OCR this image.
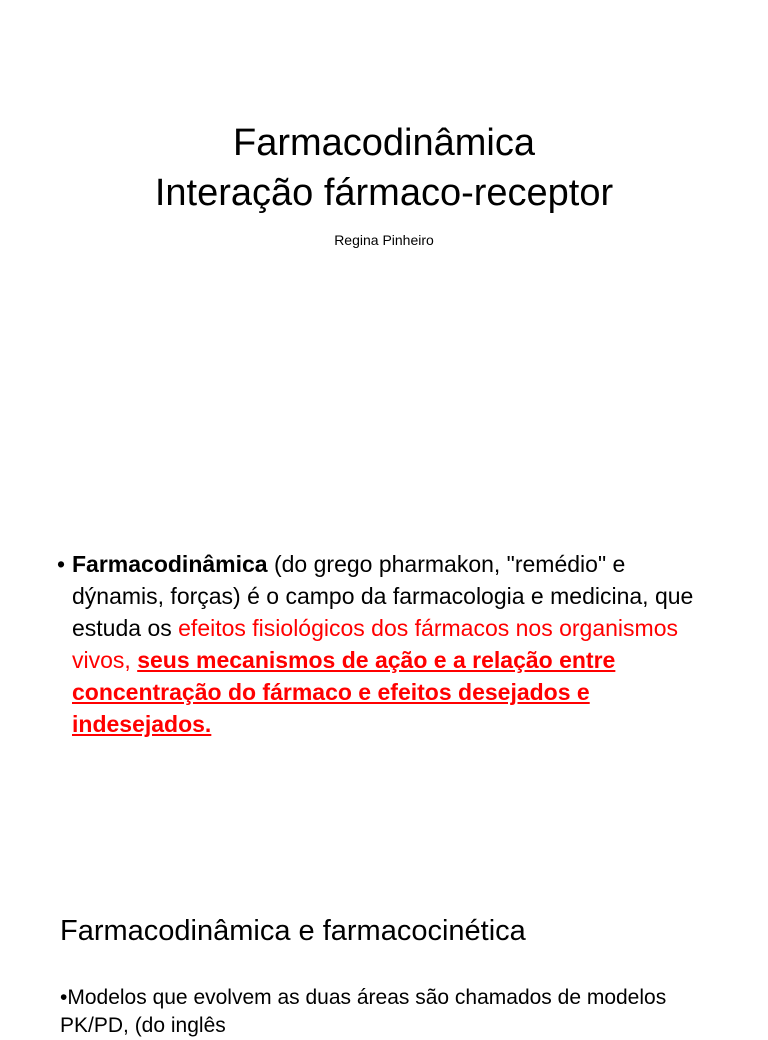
Farmacodinâmica
Interação fármaco-receptor
Regina Pinheiro
• Farmacodinâmica (do grego pharmakon, "remédio" e dýnamis, forças) é o campo da farmacologia e medicina, que estuda os efeitos fisiológicos dos fármacos nos organismos vivos, seus mecanismos de ação e a relação entre concentração do fármaco e efeitos desejados e indesejados.
Farmacodinâmica e farmacocinética
•Modelos que evolvem as duas áreas são chamados de modelos PK/PD, (do inglês
